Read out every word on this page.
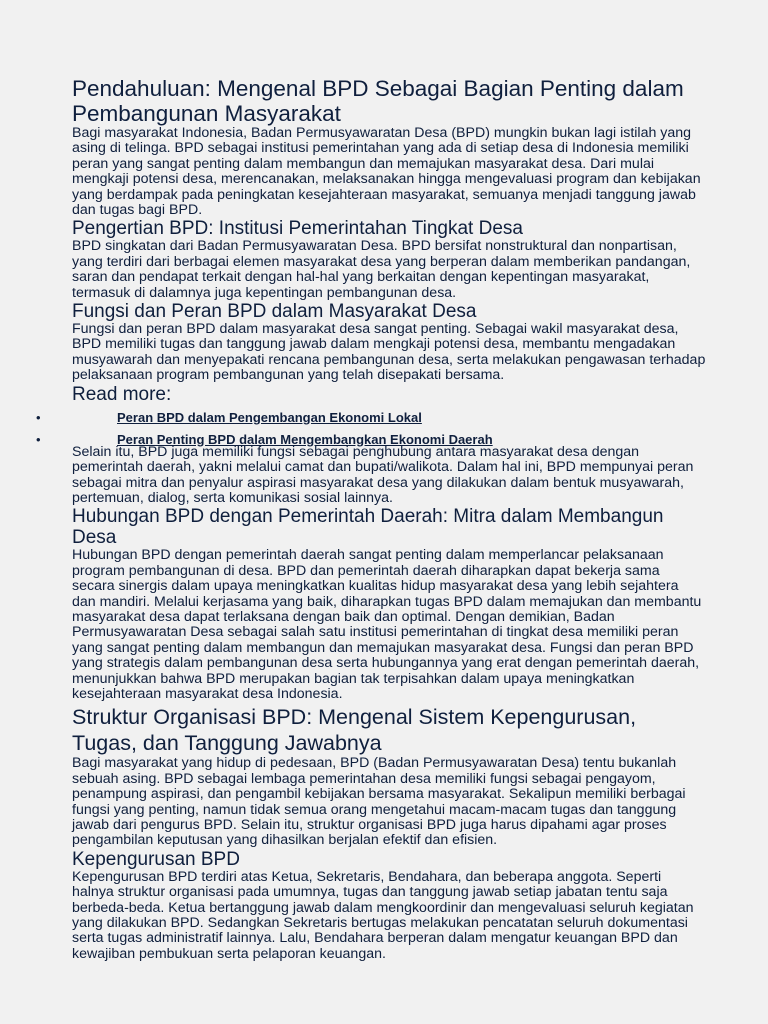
Pendahuluan: Mengenal BPD Sebagai Bagian Penting dalam Pembangunan Masyarakat

Bagi masyarakat Indonesia, Badan Permusyawaratan Desa (BPD) mungkin bukan lagi istilah yang asing di telinga. BPD sebagai institusi pemerintahan yang ada di setiap desa di Indonesia memiliki peran yang sangat penting dalam membangun dan memajukan masyarakat desa. Dari mulai mengkaji potensi desa, merencanakan, melaksanakan hingga mengevaluasi program dan kebijakan yang berdampak pada peningkatan kesejahteraan masyarakat, semuanya menjadi tanggung jawab dan tugas bagi BPD.

Pengertian BPD: Institusi Pemerintahan Tingkat Desa

BPD singkatan dari Badan Permusyawaratan Desa. BPD bersifat nonstruktural dan nonpartisan, yang terdiri dari berbagai elemen masyarakat desa yang berperan dalam memberikan pandangan, saran dan pendapat terkait dengan hal-hal yang berkaitan dengan kepentingan masyarakat, termasuk di dalamnya juga kepentingan pembangunan desa.

Fungsi dan Peran BPD dalam Masyarakat Desa

Fungsi dan peran BPD dalam masyarakat desa sangat penting. Sebagai wakil masyarakat desa, BPD memiliki tugas dan tanggung jawab dalam mengkaji potensi desa, membantu mengadakan musyawarah dan menyepakati rencana pembangunan desa, serta melakukan pengawasan terhadap pelaksanaan program pembangunan yang telah disepakati bersama.

Read more:
•	Peran BPD dalam Pengembangan Ekonomi Lokal
•	Peran Penting BPD dalam Mengembangkan Ekonomi Daerah

Selain itu, BPD juga memiliki fungsi sebagai penghubung antara masyarakat desa dengan pemerintah daerah, yakni melalui camat dan bupati/walikota. Dalam hal ini, BPD mempunyai peran sebagai mitra dan penyalur aspirasi masyarakat desa yang dilakukan dalam bentuk musyawarah, pertemuan, dialog, serta komunikasi sosial lainnya.

Hubungan BPD dengan Pemerintah Daerah: Mitra dalam Membangun Desa

Hubungan BPD dengan pemerintah daerah sangat penting dalam memperlancar pelaksanaan program pembangunan di desa. BPD dan pemerintah daerah diharapkan dapat bekerja sama secara sinergis dalam upaya meningkatkan kualitas hidup masyarakat desa yang lebih sejahtera dan mandiri. Melalui kerjasama yang baik, diharapkan tugas BPD dalam memajukan dan membantu masyarakat desa dapat terlaksana dengan baik dan optimal. Dengan demikian, Badan Permusyawaratan Desa sebagai salah satu institusi pemerintahan di tingkat desa memiliki peran yang sangat penting dalam membangun dan memajukan masyarakat desa. Fungsi dan peran BPD yang strategis dalam pembangunan desa serta hubungannya yang erat dengan pemerintah daerah, menunjukkan bahwa BPD merupakan bagian tak terpisahkan dalam upaya meningkatkan kesejahteraan masyarakat desa Indonesia.

Struktur Organisasi BPD: Mengenal Sistem Kepengurusan, Tugas, dan Tanggung Jawabnya

Bagi masyarakat yang hidup di pedesaan, BPD (Badan Permusyawaratan Desa) tentu bukanlah sebuah asing. BPD sebagai lembaga pemerintahan desa memiliki fungsi sebagai pengayom, penampung aspirasi, dan pengambil kebijakan bersama masyarakat. Sekalipun memiliki berbagai fungsi yang penting, namun tidak semua orang mengetahui macam-macam tugas dan tanggung jawab dari pengurus BPD. Selain itu, struktur organisasi BPD juga harus dipahami agar proses pengambilan keputusan yang dihasilkan berjalan efektif dan efisien.

Kepengurusan BPD

Kepengurusan BPD terdiri atas Ketua, Sekretaris, Bendahara, dan beberapa anggota. Seperti halnya struktur organisasi pada umumnya, tugas dan tanggung jawab setiap jabatan tentu saja berbeda-beda. Ketua bertanggung jawab dalam mengkoordinir dan mengevaluasi seluruh kegiatan yang dilakukan BPD. Sedangkan Sekretaris bertugas melakukan pencatatan seluruh dokumentasi serta tugas administratif lainnya. Lalu, Bendahara berperan dalam mengatur keuangan BPD dan kewajiban pembukuan serta pelaporan keuangan.
